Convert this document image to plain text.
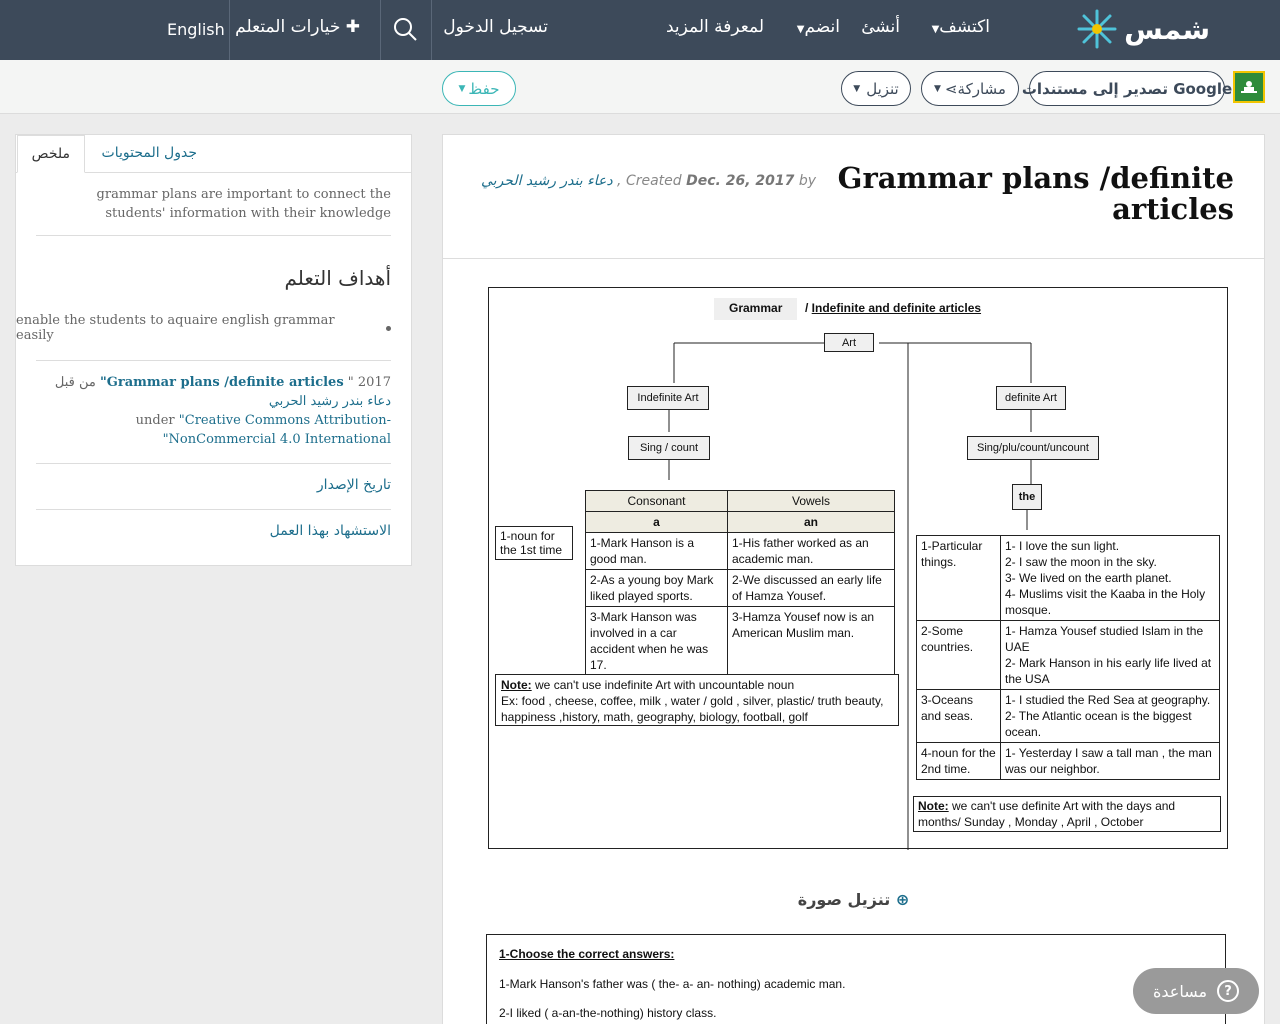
شمس
اكتشف▼
أنشئ
انضم▼
لمعرفة المزيد
تسجيل الدخول
✚ خيارات المتعلم
English
تصدير إلى مستندات Google
▼ ⋖ مشاركة
▼ تنزيل
▼ حفظ
ملخص	جدول المحتويات
grammar plans are important to connect the students' information with their knowledge
أهداف التعلم
enable the students to aquaire english grammar easily
2017 " Grammar plans /definite articles" من قبل دعاء بندر رشيد الحربي
under "Creative Commons Attribution-NonCommercial 4.0 International"
تاريخ الإصدار
الاستشهاد بهذا العمل
Grammar plans /definite articles
دعاء بندر رشيد الحربي , Created Dec. 26, 2017 by
Grammar	/ Indefinite and definite articles
Art
Indefinite Art	definite Art
Sing / count	Sing/plu/count/uncount
the
1-noun for the 1st time
Consonant	Vowels
a	an
1-Mark Hanson is a good man.	1-His father worked as an academic man.
2-As a young boy Mark liked played sports.	2-We discussed an early life of Hamza Yousef.
3-Mark Hanson was involved in a car accident when he was 17.	3-Hamza Yousef now is an American Muslim man.
Note: we can't use indefinite Art with uncountable noun
Ex: food , cheese, coffee, milk , water / gold , silver, plastic/ truth beauty, happiness ,history, math, geography, biology, football, golf
1-Particular things.	1- I love the sun light.
2- I saw the moon in the sky.
3- We lived on the earth planet.
4- Muslims visit the Kaaba in the Holy mosque.

2-Some countries.	1- Hamza Yousef studied Islam in the UAE
2- Mark Hanson in his early life lived at the USA

3-Oceans and seas.	1- I studied the Red Sea at geography.
2- The Atlantic ocean is the biggest ocean.

4-noun for the 2nd time.	1- Yesterday I saw a tall man , the man was our neighbor.
Note: we can't use definite Art with the days and months/ Sunday , Monday , April , October
تنزيل صورة ⊕
1-Choose the correct answers:
1-Mark Hanson's father was ( the- a- an- nothing) academic man.
2-I liked ( a-an-the-nothing) history class.
?
مساعدة
